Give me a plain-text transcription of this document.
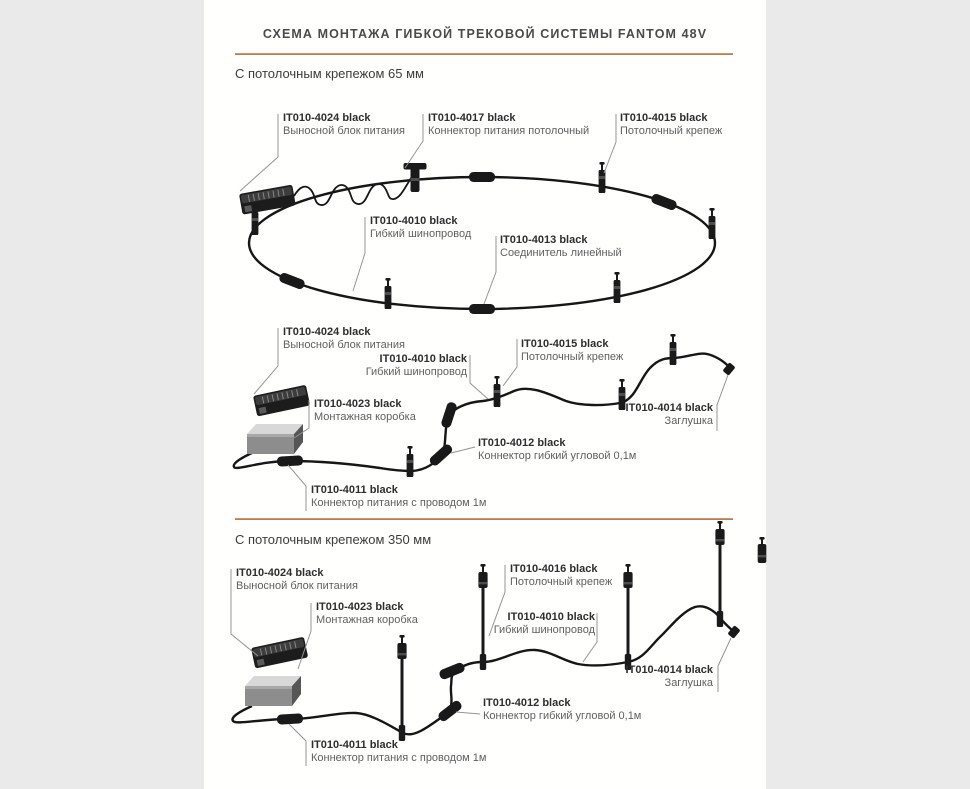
СХЕМА МОНТАЖА ГИБКОЙ ТРЕКОВОЙ СИСТЕМЫ FANTOM 48V
С потолочным крепежом 65 мм
С потолочным крепежом 350 мм
IT010-4024 black
Выносной блок питания
IT010-4017 black
Коннектор питания потолочный
IT010-4015 black
Потолочный крепеж
IT010-4010 black
Гибкий шинопровод	IT010-4013 black
Соединитель линейный
IT010-4024 black
Выносной блок питания
IT010-4010 black
Гибкий шинопровод
IT010-4023 black
Монтажная коробка
IT010-4015 black
Потолочный крепеж
IT010-4012 black
Коннектор гибкий угловой 0,1м
IT010-4011 black
Коннектор питания с проводом 1м
IT010-4014 black
Заглушка
IT010-4024 black
Выносной блок питания
IT010-4023 black
Монтажная коробка
IT010-4016 black
Потолочный крепеж
IT010-4010 black
Гибкий шинопровод
IT010-4012 black
Коннектор гибкий угловой 0,1м
IT010-4014 black
Заглушка
IT010-4011 black
Коннектор питания с проводом 1м
